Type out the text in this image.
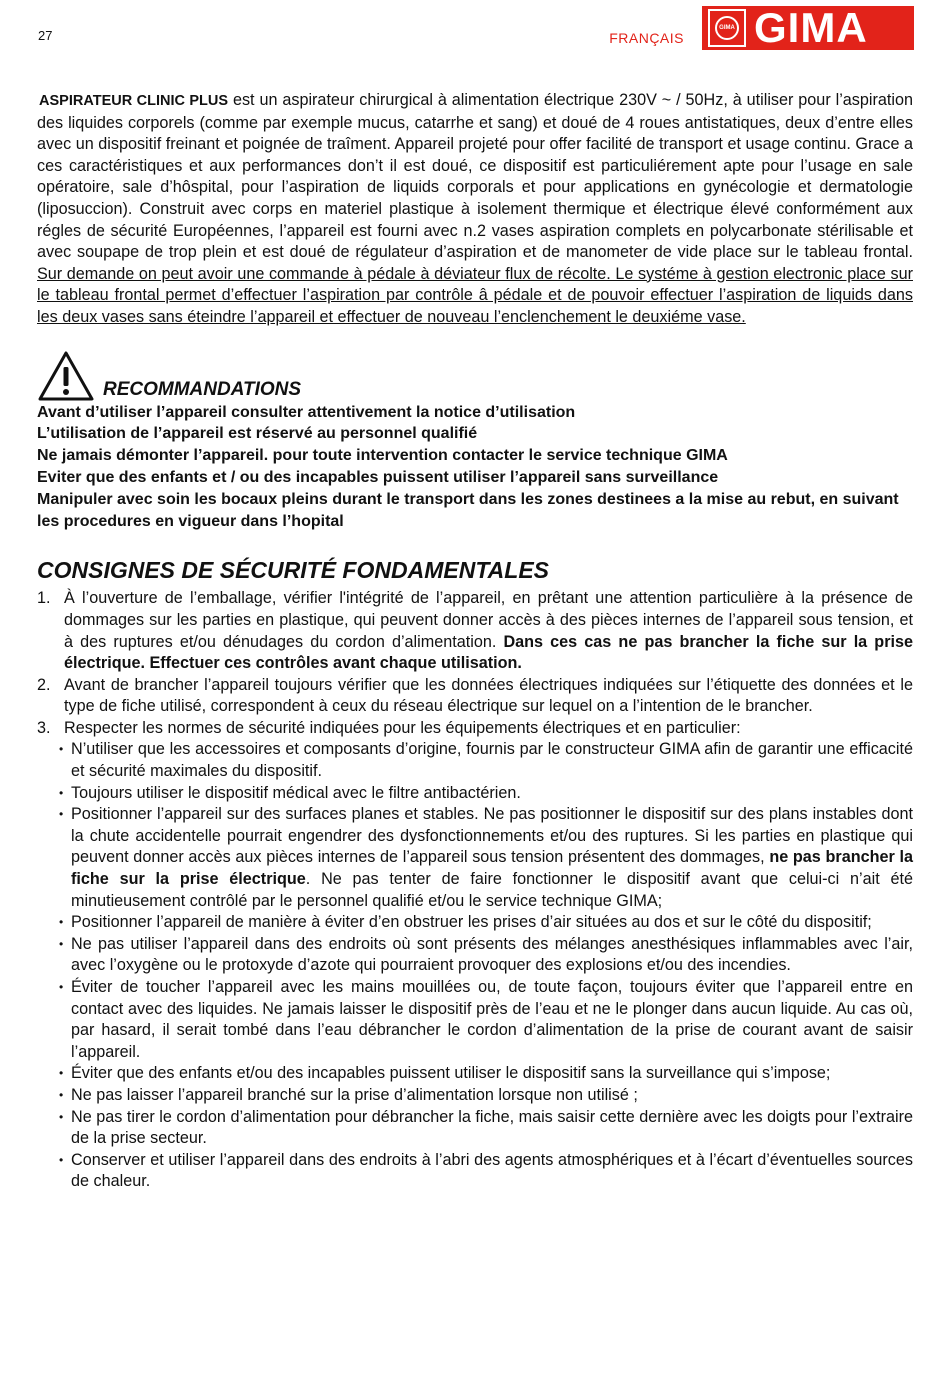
27	FRANÇAIS
GIMA GIMA

ASPIRATEUR CLINIC PLUS est un aspirateur chirurgical à alimentation électrique 230V ~ / 50Hz, à utiliser pour l’aspiration des liquides corporels (comme par exemple mucus, catarrhe et sang) et doué de 4 roues antistatiques, deux d’entre elles avec un dispositif freinant et poignée de traîment. Appareil projeté pour offer facilité de transport et usage continu. Grace a ces caractéristiques et aux performances don’t il est doué, ce dispositif est particuliérement apte pour l’usage en sale opératoire, sale d’hôspital, pour l’aspiration de liquids corporals et pour applications en gynécologie et dermatologie (liposuccion). Construit avec corps en materiel plastique à isolement thermique et électrique élevé conformément aux régles de sécurité Européennes, l’appareil est fourni avec n.2 vases aspiration complets en polycarbonate stérilisable et avec soupape de trop plein et est doué de régulateur d’aspiration et de manometer de vide place sur le tableau frontal. Sur demande on peut avoir une commande à pédale à déviateur flux de récolte. Le systéme à gestion electronic place sur le tableau frontal permet d’effectuer l’aspiration par contrôle â pédale et de pouvoir effectuer l’aspiration de liquids dans les deux vases sans éteindre l’appareil et effectuer de nouveau l’enclenchement le deuxiéme vase.

RECOMMANDATIONS
Avant d’utiliser l’appareil consulter attentivement la notice d’utilisation
L’utilisation de l’appareil est réservé au personnel qualifié
Ne jamais démonter l’appareil. pour toute intervention contacter le service technique GIMA
Eviter que des enfants et / ou des incapables puissent utiliser l’appareil sans surveillance
Manipuler avec soin les bocaux pleins durant le transport dans les zones destinees a la mise au rebut, en suivant les procedures en vigueur dans l’hopital
CONSIGNES DE SÉCURITÉ FONDAMENTALES
1. À l’ouverture de l’emballage, vérifier l'intégrité de l’appareil, en prêtant une attention particulière à la présence de dommages sur les parties en plastique, qui peuvent donner accès à des pièces internes de l’appareil sous tension, et à des ruptures et/ou dénudages du cordon d’alimentation. Dans ces cas ne pas brancher la fiche sur la prise électrique. Effectuer ces contrôles avant chaque utilisation.
2. Avant de brancher l’appareil toujours vérifier que les données électriques indiquées sur l’étiquette des données et le type de fiche utilisé, correspondent à ceux du réseau électrique sur lequel on a l’intention de le brancher.
3. Respecter les normes de sécurité indiquées pour les équipements électriques et en particulier:
• N’utiliser que les accessoires et composants d’origine, fournis par le constructeur GIMA afin de garantir une efficacité et sécurité maximales du dispositif.
• Toujours utiliser le dispositif médical avec le filtre antibactérien.
• Positionner l’appareil sur des surfaces planes et stables. Ne pas positionner le dispositif sur des plans instables dont la chute accidentelle pourrait engendrer des dysfonctionnements et/ou des ruptures. Si les parties en plastique qui peuvent donner accès aux pièces internes de l’appareil sous tension présentent des dommages, ne pas brancher la fiche sur la prise électrique. Ne pas tenter de faire fonctionner le dispositif avant que celui-ci n’ait été minutieusement contrôlé par le personnel qualifié et/ou le service technique GIMA;
• Positionner l’appareil de manière à éviter d’en obstruer les prises d’air situées au dos et sur le côté du dispositif;
• Ne pas utiliser l’appareil dans des endroits où sont présents des mélanges anesthésiques inflammables avec l’air, avec l’oxygène ou le protoxyde d’azote qui pourraient provoquer des explosions et/ou des incendies.
• Éviter de toucher l’appareil avec les mains mouillées ou, de toute façon, toujours éviter que l’appareil entre en contact avec des liquides. Ne jamais laisser le dispositif près de l’eau et ne le plonger dans aucun liquide. Au cas où, par hasard, il serait tombé dans l’eau débrancher le cordon d’alimentation de la prise de courant avant de saisir l’appareil.
• Éviter que des enfants et/ou des incapables puissent utiliser le dispositif sans la surveillance qui s’impose;
• Ne pas laisser l’appareil branché sur la prise d’alimentation lorsque non utilisé ;
• Ne pas tirer le cordon d’alimentation pour débrancher la fiche, mais saisir cette dernière avec les doigts pour l’extraire de la prise secteur.
• Conserver et utiliser l’appareil dans des endroits à l’abri des agents atmosphériques et à l’écart d’éventuelles sources de chaleur.
